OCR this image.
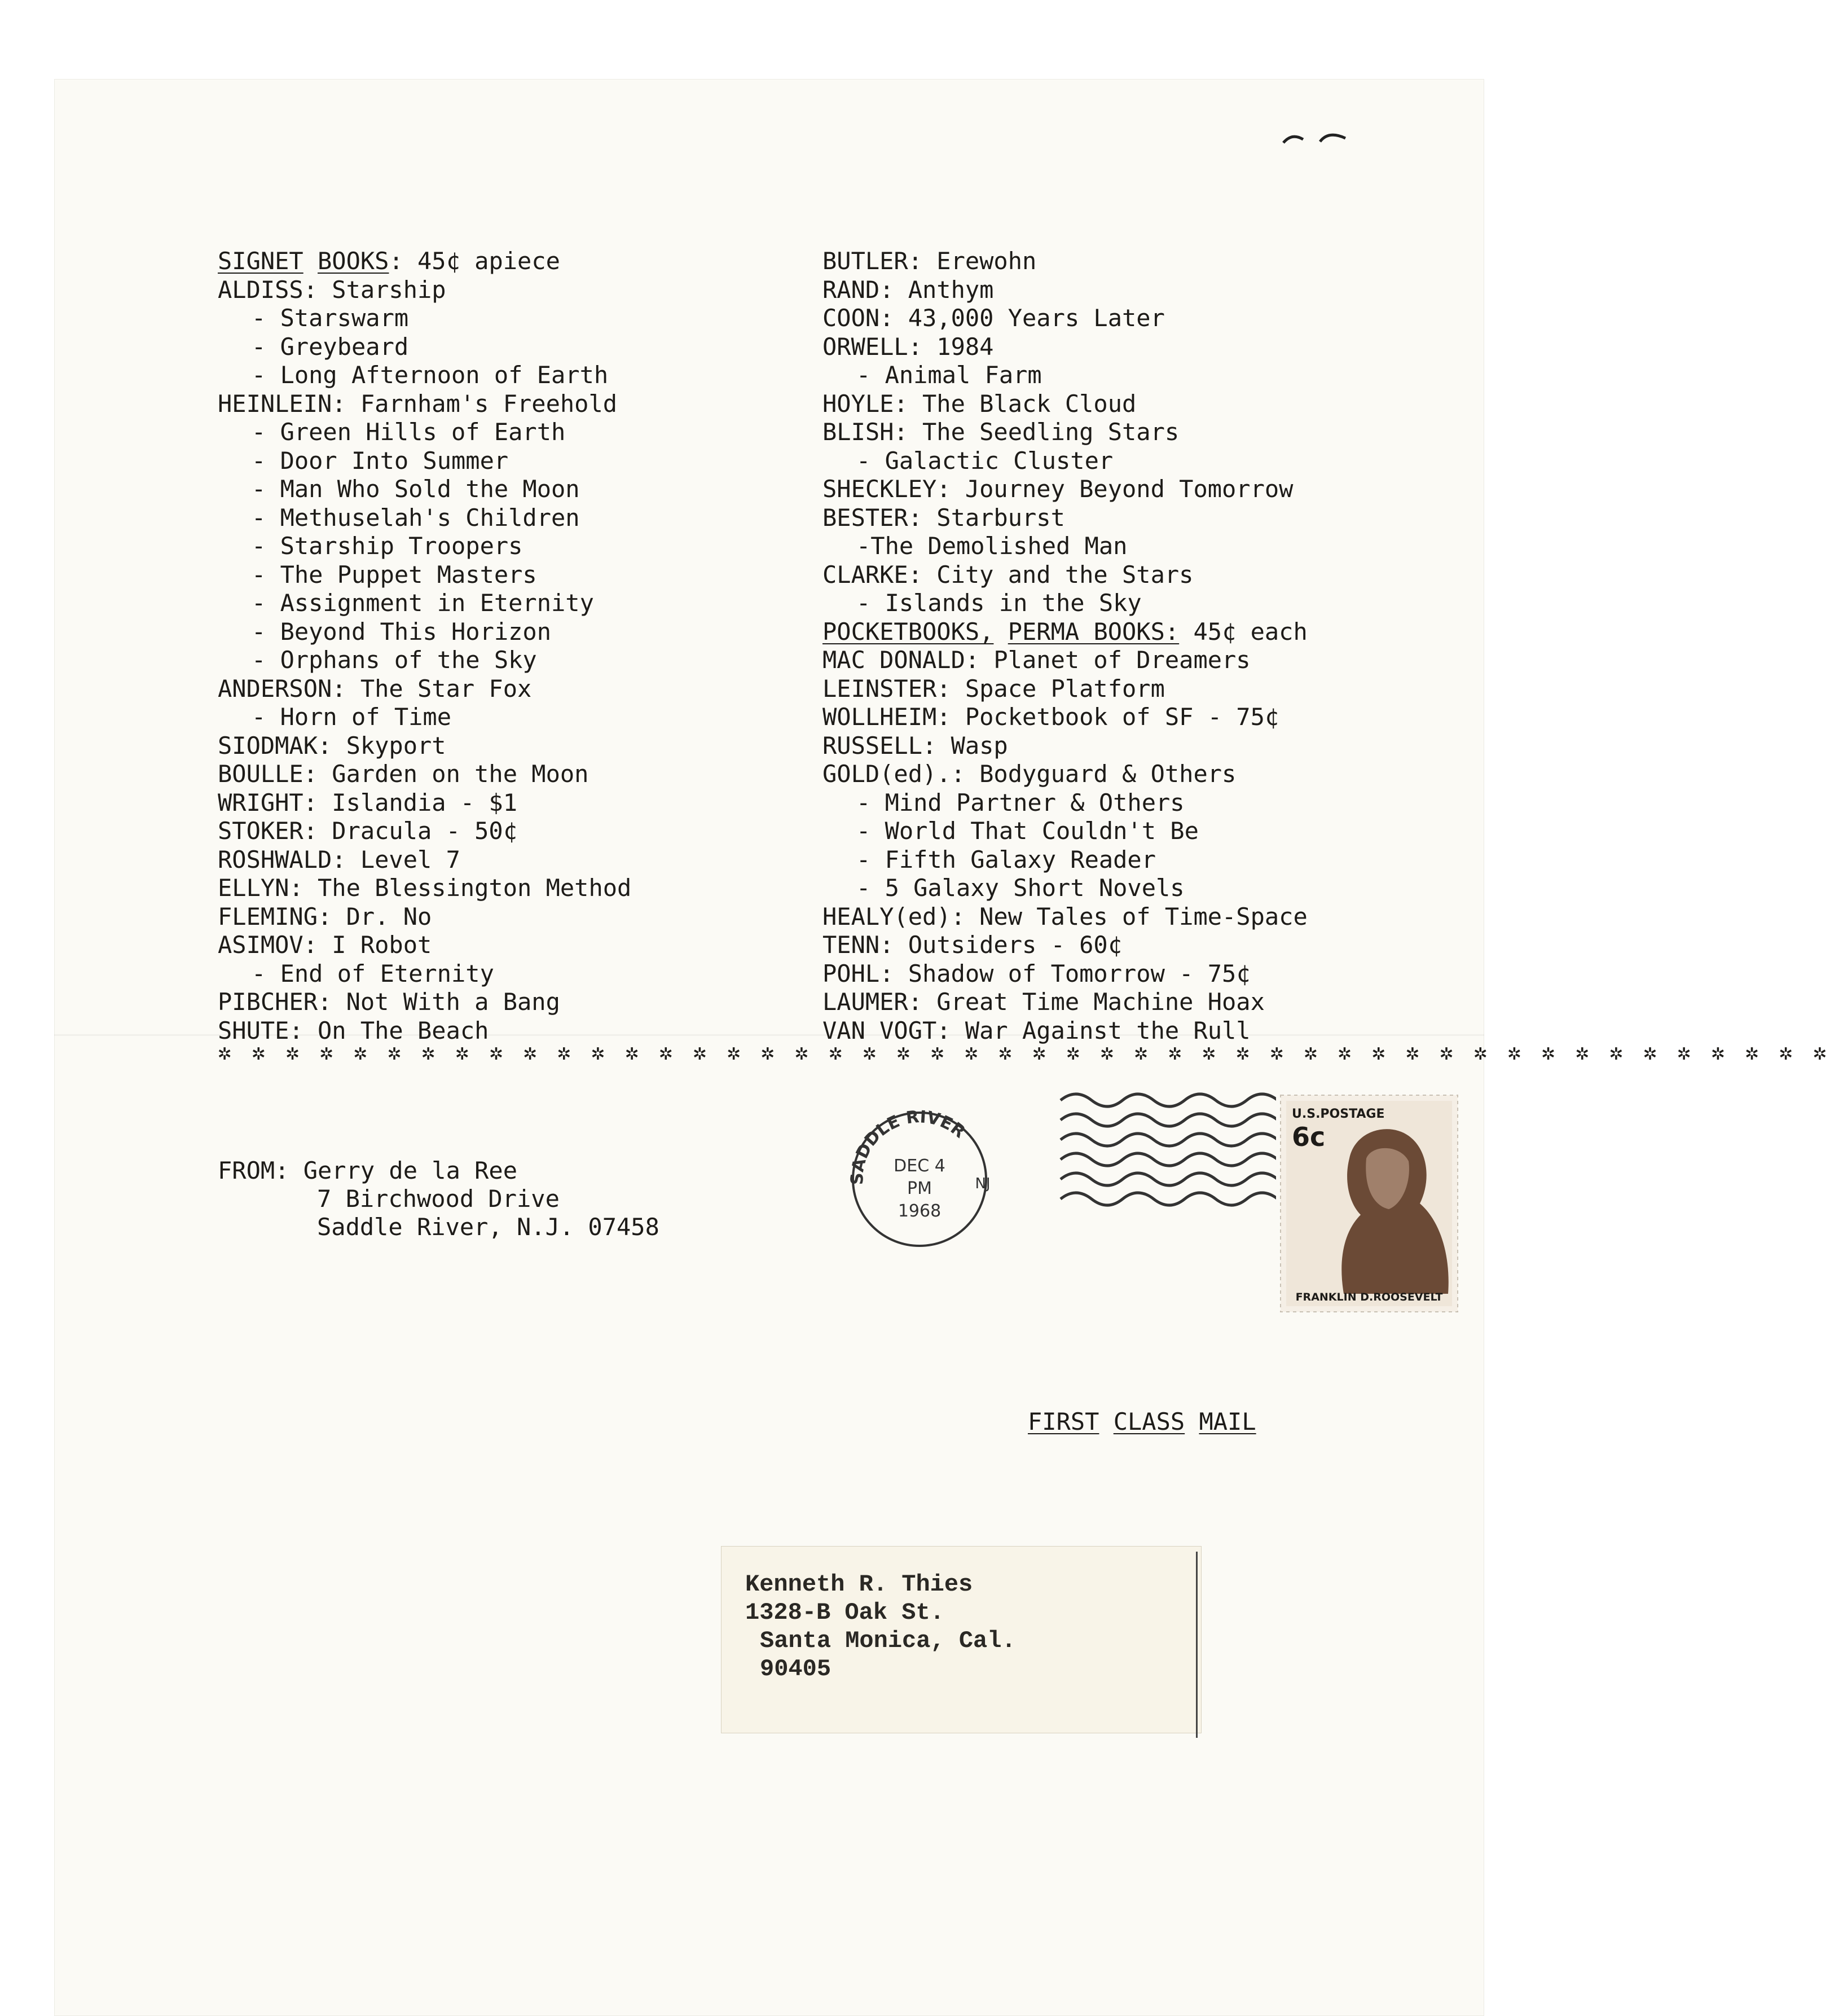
SIGNET BOOKS: 45¢ apiece
ALDISS: Starship
- Starswarm
- Greybeard
- Long Afternoon of Earth
HEINLEIN: Farnham's Freehold
- Green Hills of Earth
- Door Into Summer
- Man Who Sold the Moon
- Methuselah's Children
- Starship Troopers
- The Puppet Masters
- Assignment in Eternity
- Beyond This Horizon
- Orphans of the Sky
ANDERSON: The Star Fox
- Horn of Time
SIODMAK: Skyport
BOULLE: Garden on the Moon
WRIGHT: Islandia - $1
STOKER: Dracula - 50¢
ROSHWALD: Level 7
ELLYN: The Blessington Method
FLEMING: Dr. No
ASIMOV: I Robot
- End of Eternity
PIBCHER: Not With a Bang
SHUTE: On The Beach
BUTLER: Erewohn
RAND: Anthym
COON: 43,000 Years Later
ORWELL: 1984
- Animal Farm
HOYLE: The Black Cloud
BLISH: The Seedling Stars
- Galactic Cluster
SHECKLEY: Journey Beyond Tomorrow
BESTER: Starburst
-The Demolished Man
CLARKE: City and the Stars
- Islands in the Sky
POCKETBOOKS, PERMA BOOKS: 45¢ each
MAC DONALD: Planet of Dreamers
LEINSTER: Space Platform
WOLLHEIM: Pocketbook of SF - 75¢
RUSSELL: Wasp
GOLD(ed).: Bodyguard & Others
- Mind Partner & Others
- World That Couldn't Be
- Fifth Galaxy Reader
- 5 Galaxy Short Novels
HEALY(ed): New Tales of Time-Space
TENN: Outsiders - 60¢
POHL: Shadow of Tomorrow - 75¢
LAUMER: Great Time Machine Hoax
VAN VOGT: War Against the Rull
✲ ✲ ✲ ✲ ✲ ✲ ✲ ✲ ✲ ✲ ✲ ✲ ✲ ✲ ✲ ✲ ✲ ✲ ✲ ✲ ✲ ✲ ✲ ✲ ✲ ✲ ✲ ✲ ✲ ✲ ✲ ✲ ✲ ✲ ✲ ✲ ✲ ✲ ✲ ✲ ✲ ✲ ✲ ✲ ✲ ✲ ✲ ✲
FROM: Gerry de la Ree
7 Birchwood Drive
Saddle River, N.J. 07458
SADDLE RIVER
DEC 4
PM
1968
NJ
U.S.POSTAGE
6c
FRANKLIN D.ROOSEVELT
FIRST CLASS MAIL
Kenneth R. Thies
1328-B Oak St.
Santa Monica, Cal.
90405
